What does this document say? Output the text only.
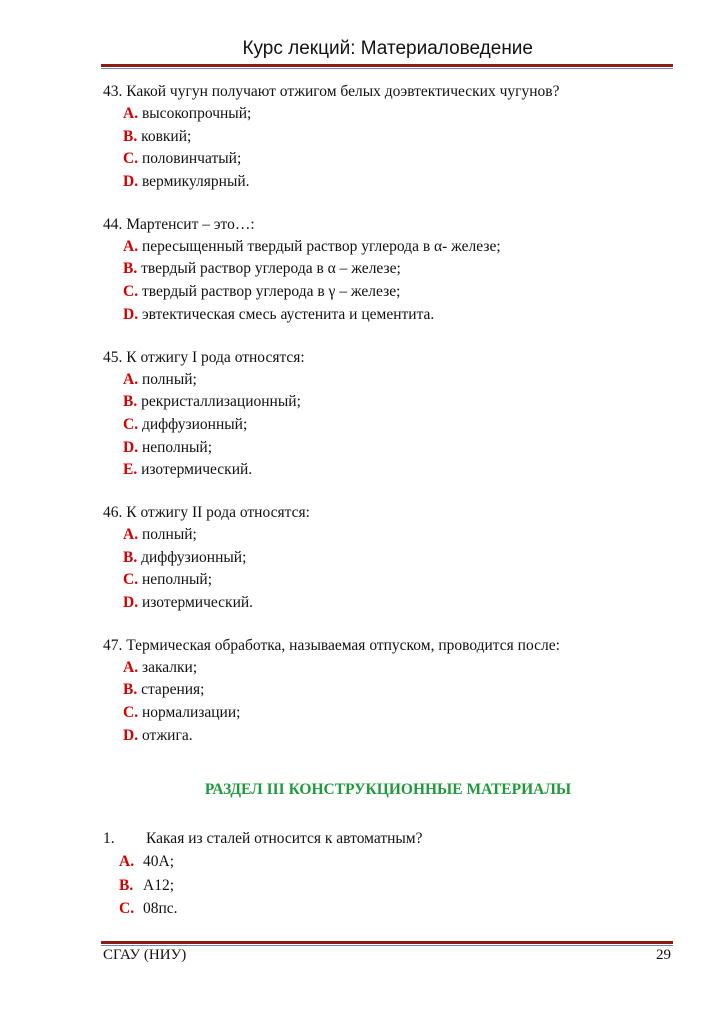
Курс лекций: Материаловедение
43. Какой чугун получают отжигом белых доэвтектических чугунов?
A. высокопрочный;
B. ковкий;
C. половинчатый;
D. вермикулярный.
44. Мартенсит – это…:
A. пересыщенный твердый раствор углерода в α- железе;
B. твердый раствор углерода в α – железе;
C. твердый раствор углерода в γ – железе;
D. эвтектическая смесь аустенита и цементита.
45. К отжигу I рода относятся:
A. полный;
B. рекристаллизационный;
C. диффузионный;
D. неполный;
E. изотермический.
46. К отжигу II рода относятся:
A. полный;
B. диффузионный;
C. неполный;
D. изотермический.
47. Термическая обработка, называемая отпуском, проводится после:
A. закалки;
B. старения;
C. нормализации;
D. отжига.
РАЗДЕЛ III КОНСТРУКЦИОННЫЕ МАТЕРИАЛЫ
1. Какая из сталей относится к автоматным?
A. 40А;
B. А12;
C. 08пс.
СГАУ (НИУ)	29
